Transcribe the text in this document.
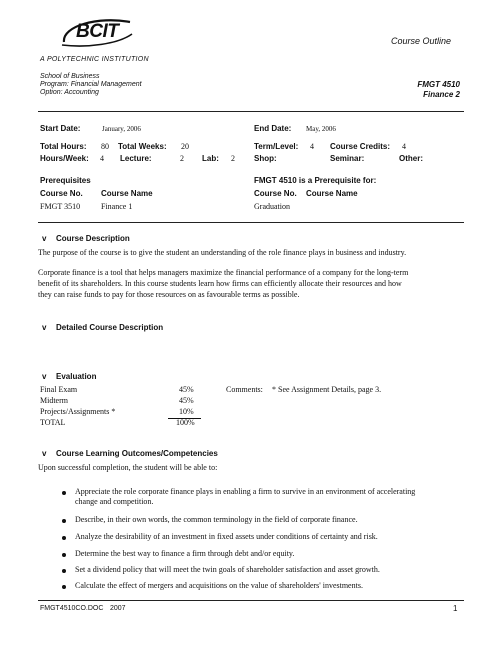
BCIT
A POLYTECHNIC INSTITUTION
Course Outline
School of Business
Program: Financial Management
Option: Accounting
FMGT 4510
Finance 2
Start Date:	January, 2006	End Date: May, 2006
Total Hours: 80 Total Weeks: 20	Term/Level: 4 Course Credits: 4
Hours/Week: 4 Lecture:	2 Lab: 2 Shop:	Seminar:	Other:
Prerequisites	FMGT 4510 is a Prerequisite for:
Course No. Course Name	Course No. Course Name
FMGT 3510	Finance 1	Graduation
v Course Description
The purpose of the course is to give the student an understanding of the role finance plays in business and industry.
Corporate finance is a tool that helps managers maximize the financial performance of a company for the long-term
benefit of its shareholders. In this course students learn how firms can efficiently allocate their resources and how
they can raise funds to pay for those resources on as favourable terms as possible.
v Detailed Course Description
v Evaluation
Final Exam	45%
Midterm	45%
Projects/Assignments *	10%
TOTAL	100%
Comments: * See Assignment Details, page 3.
v Course Learning Outcomes/Competencies
Upon successful completion, the student will be able to:
Appreciate the role corporate finance plays in enabling a firm to survive in an environment of accelerating
change and competition.
Describe, in their own words, the common terminology in the field of corporate finance.
Analyze the desirability of an investment in fixed assets under conditions of certainty and risk.
Determine the best way to finance a firm through debt and/or equity.
Set a dividend policy that will meet the twin goals of shareholder satisfaction and asset growth.
Calculate the effect of mergers and acquisitions on the value of shareholders' investments.
FMGT4510CO.DOC 2007	1
